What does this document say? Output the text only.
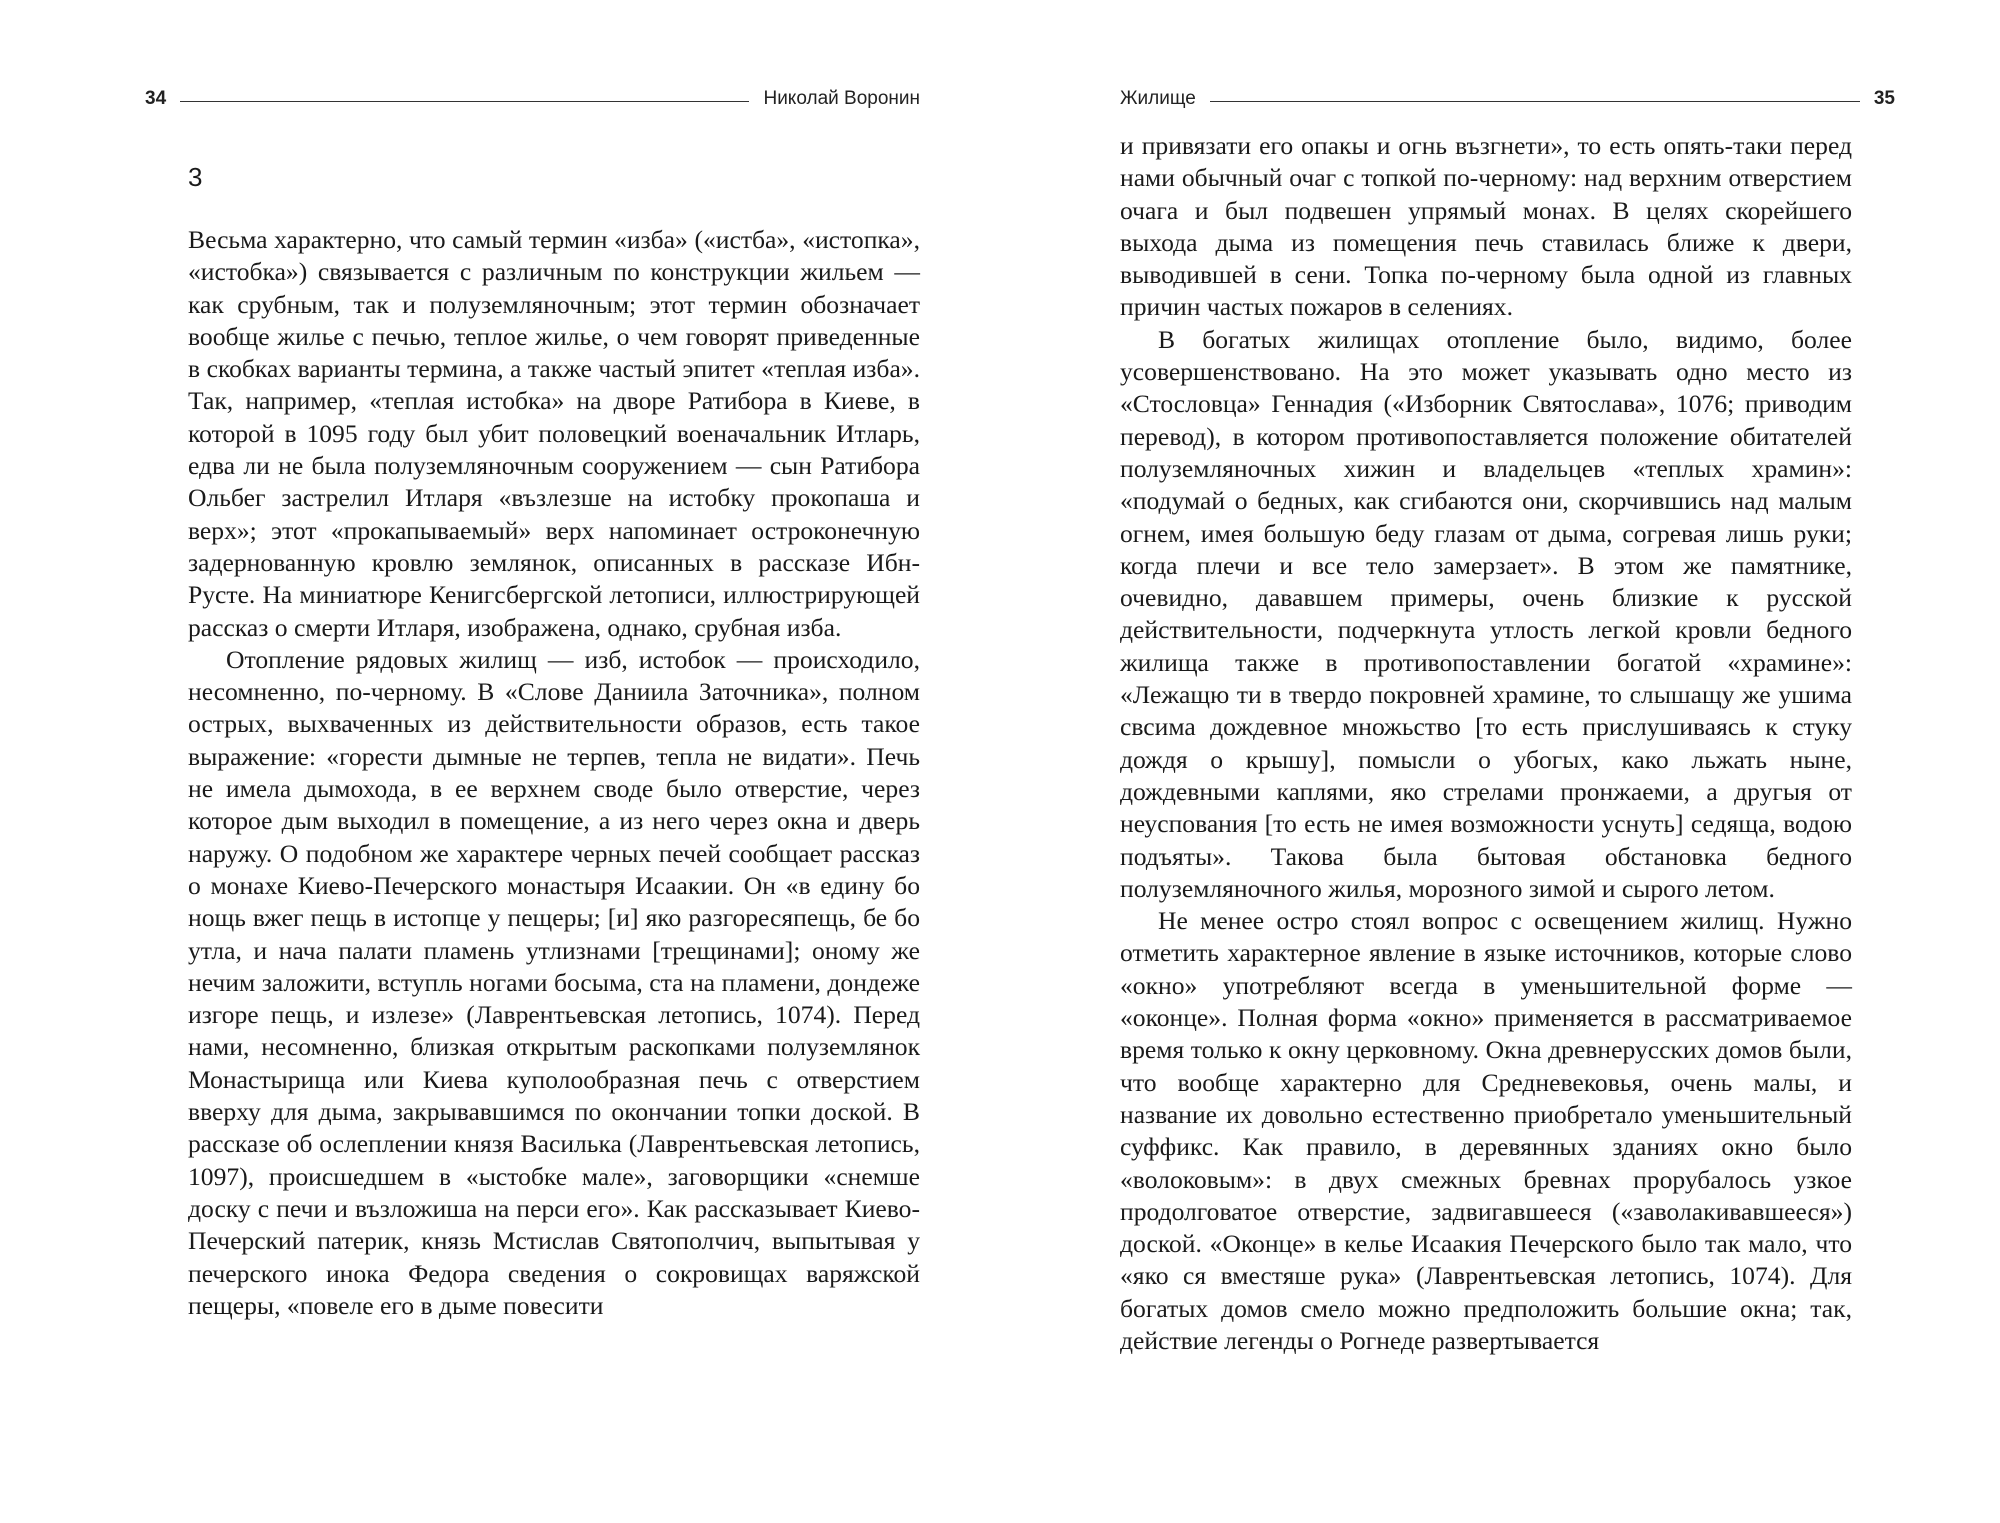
34	Николай Воронин
3

Весьма характерно, что самый термин «изба» («истба», «истопка», «истобка») связывается с различным по конструкции жильем — как срубным, так и полуземляночным; этот термин обозначает вообще жилье с печью, теплое жилье, о чем говорят приведенные в скобках варианты термина, а также частый эпитет «теплая изба». Так, например, «теплая истобка» на дворе Ратибора в Киеве, в которой в 1095 году был убит половецкий военачальник Итларь, едва ли не была полуземляночным сооружением — сын Ратибора Ольбег застрелил Итларя «възлезше на истобку прокопаша и верх»; этот «прокапываемый» верх напоминает остроконечную задернованную кровлю землянок, описанных в рассказе Ибн-Русте. На миниатюре Кенигсбергской летописи, иллюстрирующей рассказ о смерти Итларя, изображена, однако, срубная изба.

Отопление рядовых жилищ — изб, истобок — происходило, несомненно, по-черному. В «Слове Даниила Заточника», полном острых, выхваченных из действительности образов, есть такое выражение: «горести дымные не терпев, тепла не видати». Печь не имела дымохода, в ее верхнем своде было отверстие, через которое дым выходил в помещение, а из него через окна и дверь наружу. О подобном же характере черных печей сообщает рассказ о монахе Киево-Печерского монастыря Исаакии. Он «в едину бо нощь вжег пещь в истопце у пещеры; [и] яко разгоресяпещь, бе бо утла, и нача палати пламень утлизнами [трещинами]; оному же нечим заложити, вступль ногами босыма, ста на пламени, дондеже изгоре пещь, и излезе» (Лаврентьевская летопись, 1074). Перед нами, несомненно, близкая открытым раскопками полуземлянок Монастырища или Киева куполообразная печь с отверстием вверху для дыма, закрывавшимся по окончании топки доской. В рассказе об ослеплении князя Василька (Лаврентьевская летопись, 1097), происшедшем в «ыстобке мале», заговорщики «снемше доску с печи и възложиша на перси его». Как рассказывает Киево-Печерский патерик, князь Мстислав Святополчич, выпытывая у печерского инока Федора сведения о сокровищах варяжской пещеры, «повеле его в дыме повесити

Жилище	35

и привязати его опакы и огнь възгнети», то есть опять-таки перед нами обычный очаг с топкой по-черному: над верхним отверстием очага и был подвешен упрямый монах. В целях скорейшего выхода дыма из помещения печь ставилась ближе к двери, выводившей в сени. Топка по-черному была одной из главных причин частых пожаров в селениях.

В богатых жилищах отопление было, видимо, более усовершенствовано. На это может указывать одно место из «Стословца» Геннадия («Изборник Святослава», 1076; приводим перевод), в котором противопоставляется положение обитателей полуземляночных хижин и владельцев «теплых храмин»: «подумай о бедных, как сгибаются они, скорчившись над малым огнем, имея большую беду глазам от дыма, согревая лишь руки; когда плечи и все тело замерзает». В этом же памятнике, очевидно, дававшем примеры, очень близкие к русской действительности, подчеркнута утлость легкой кровли бедного жилища также в противопоставлении богатой «храмине»: «Лежащю ти в твердо покровней храмине, то слышащу же ушима свсима дождевное множьство [то есть прислушиваясь к стуку дождя о крышу], помысли о убогых, како льжать ныне, дождевными каплями, яко стрелами пронжаеми, а другыя от неуспования [то есть не имея возможности уснуть] седяща, водою подъяты». Такова была бытовая обстановка бедного полуземляночного жилья, морозного зимой и сырого летом.

Не менее остро стоял вопрос с освещением жилищ. Нужно отметить характерное явление в языке источников, которые слово «окно» употребляют всегда в уменьшительной форме — «оконце». Полная форма «окно» применяется в рассматриваемое время только к окну церковному. Окна древнерусских домов были, что вообще характерно для Средневековья, очень малы, и название их довольно естественно приобретало уменьшительный суффикс. Как правило, в деревянных зданиях окно было «волоковым»: в двух смежных бревнах прорубалось узкое продолговатое отверстие, задвигавшееся («заволакивавшееся») доской. «Оконце» в келье Исаакия Печерского было так мало, что «яко ся вместяше рука» (Лаврентьевская летопись, 1074). Для богатых домов смело можно предположить большие окна; так, действие легенды о Рогнеде развертывается
